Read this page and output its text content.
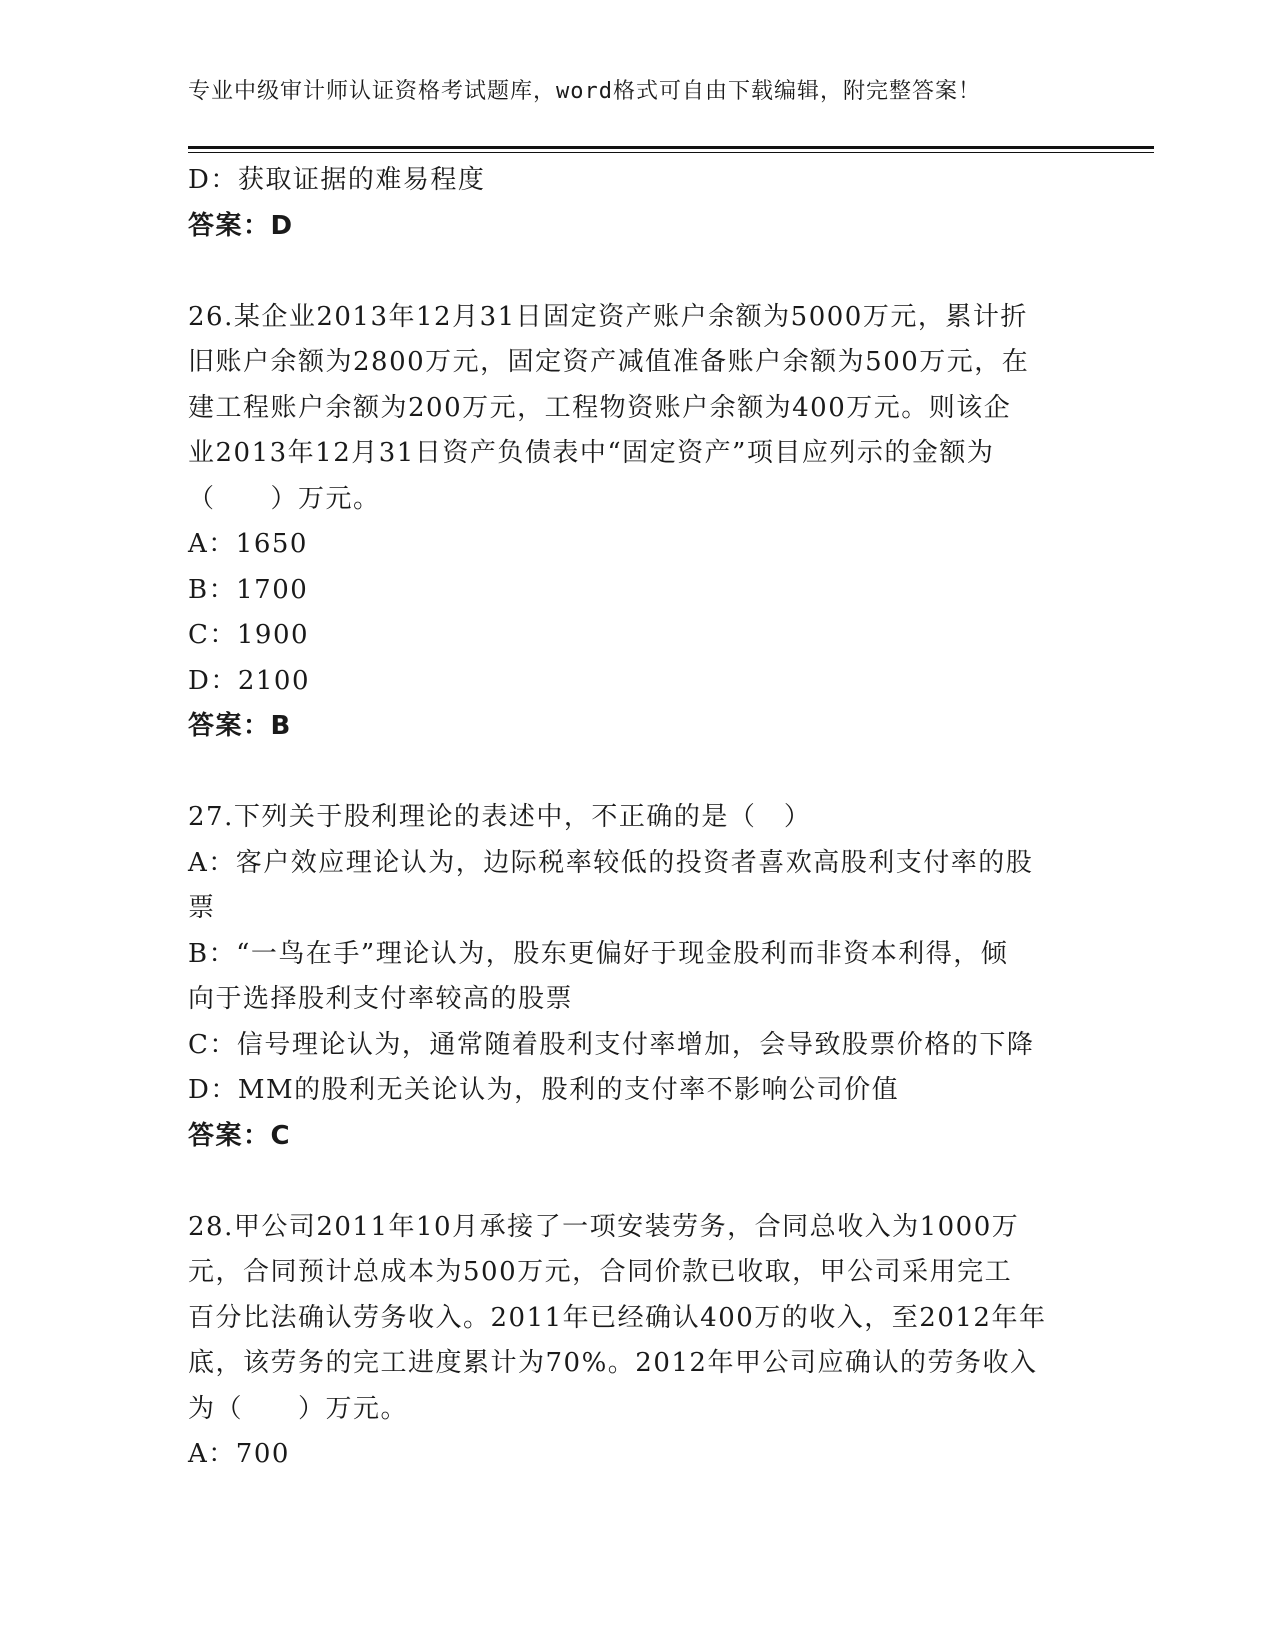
专业中级审计师认证资格考试题库，word格式可自由下载编辑，附完整答案！

D：获取证据的难易程度

答案：D

26.某企业2013年12月31日固定资产账户余额为5000万元，累计折

旧账户余额为2800万元，固定资产减值准备账户余额为500万元，在

建工程账户余额为200万元，工程物资账户余额为400万元。则该企

业2013年12月31日资产负债表中“固定资产”项目应列示的金额为

（　　）万元。

A：1650

B：1700

C：1900

D：2100

答案：B

27.下列关于股利理论的表述中，不正确的是（　）

A：客户效应理论认为，边际税率较低的投资者喜欢高股利支付率的股

票

B：“一鸟在手”理论认为，股东更偏好于现金股利而非资本利得，倾

向于选择股利支付率较高的股票

C：信号理论认为，通常随着股利支付率增加，会导致股票价格的下降

D：MM的股利无关论认为，股利的支付率不影响公司价值

答案：C

28.甲公司2011年10月承接了一项安装劳务，合同总收入为1000万

元，合同预计总成本为500万元，合同价款已收取，甲公司采用完工

百分比法确认劳务收入。2011年已经确认400万的收入，至2012年年

底，该劳务的完工进度累计为70%。2012年甲公司应确认的劳务收入

为（　　）万元。

A：700
